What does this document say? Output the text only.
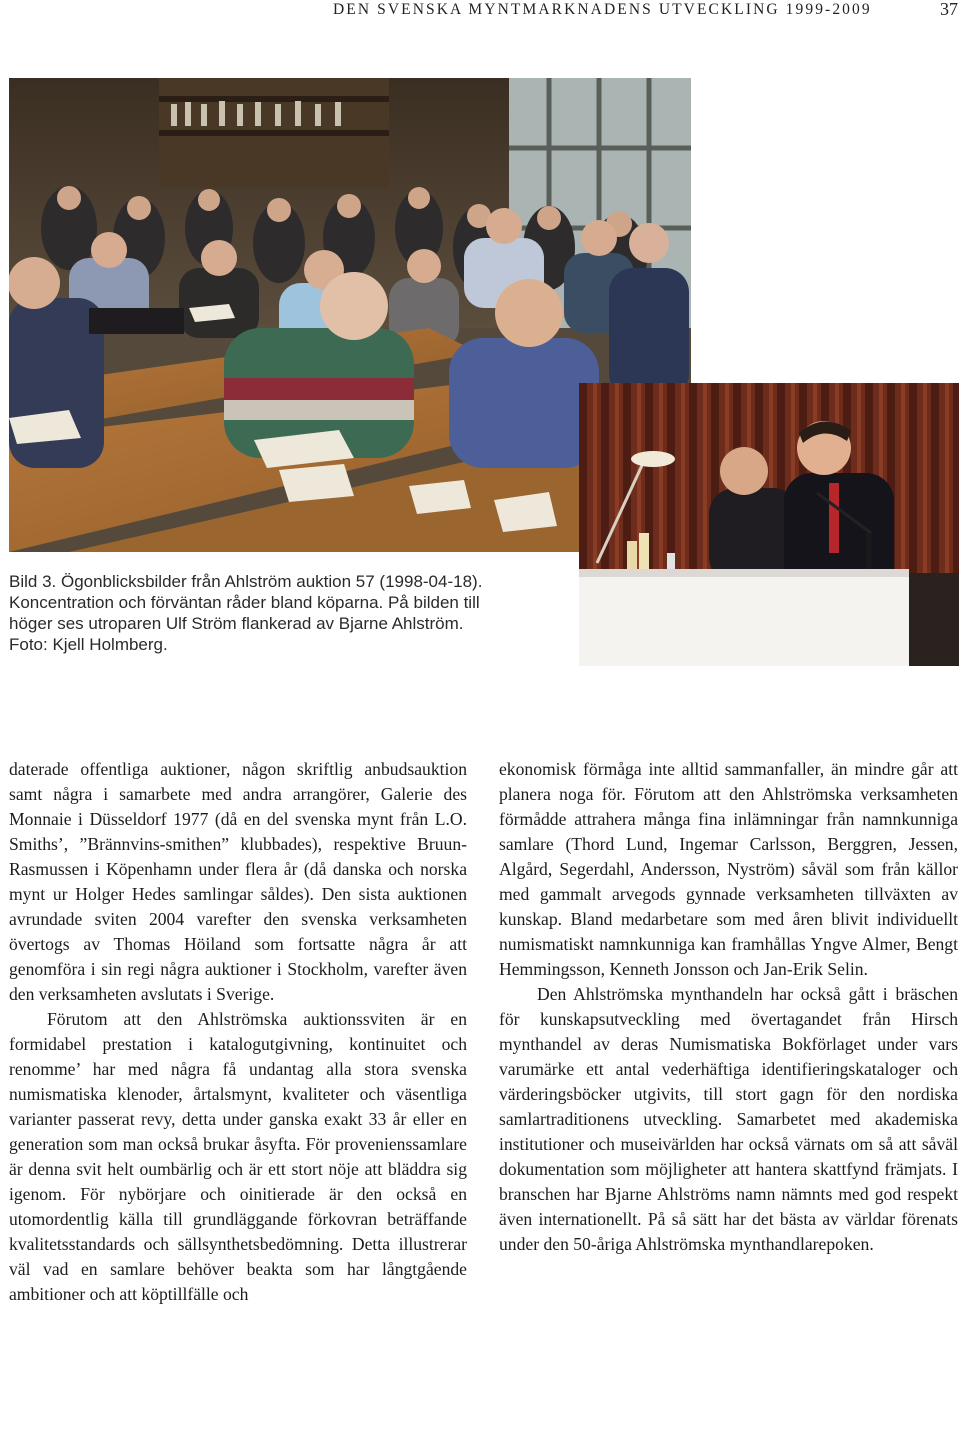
DEN SVENSKA MYNTMARKNADENS UTVECKLING 1999-2009	37

Bild 3. Ögonblicksbilder från Ahlström auktion 57 (1998-04-18).

Koncentration och förväntan råder bland köparna. På bilden till

höger ses utroparen Ulf Ström flankerad av Bjarne Ahlström.

Foto: Kjell Holmberg.

daterade offentliga auktioner, någon skriftlig anbudsauktion samt några i samarbete med andra arrangörer, Galerie des Monnaie i Düsseldorf 1977 (då en del svenska mynt från L.O. Smiths’, ”Brännvins-smithen” klubbades), respektive Bruun-Rasmussen i Köpenhamn under flera år (då danska och norska mynt ur Holger Hedes samlingar såldes). Den sista auktionen avrundade sviten 2004 varefter den svenska verksamheten övertogs av Thomas Höiland som fortsatte några år att genomföra i sin regi några auktioner i Stockholm, varefter även den verksamheten avslutats i Sverige.

Förutom att den Ahlströmska auktionssviten är en formidabel prestation i katalogutgivning, kontinuitet och renomme’ har med några få undantag alla stora svenska numismatiska klenoder, årtalsmynt, kvaliteter och väsentliga varianter passerat revy, detta under ganska exakt 33 år eller en generation som man också brukar åsyfta. För provenienssamlare är denna svit helt oumbärlig och är ett stort nöje att bläddra sig igenom. För nybörjare och oinitierade är den också en utomordentlig källa till grundläggande förkovran beträffande kvalitetsstandards och sällsynthetsbedömning. Detta illustrerar väl vad en samlare behöver beakta som har långtgående ambitioner och att köptillfälle och

ekonomisk förmåga inte alltid sammanfaller, än mindre går att planera noga för. Förutom att den Ahlströmska verksamheten förmådde attrahera många fina inlämningar från namnkunniga samlare (Thord Lund, Ingemar Carlsson, Berggren, Jessen, Algård, Segerdahl, Andersson, Nyström) såväl som från källor med gammalt arvegods gynnade verksamheten tillväxten av kunskap. Bland medarbetare som med åren blivit individuellt numismatiskt namnkunniga kan framhållas Yngve Almer, Bengt Hemmingsson, Kenneth Jonsson och Jan-Erik Selin.

Den Ahlströmska mynthandeln har också gått i bräschen för kunskapsutveckling med övertagandet från Hirsch mynthandel av deras Numismatiska Bokförlaget under vars varumärke ett antal vederhäftiga identifieringskataloger och värderingsböcker utgivits, till stort gagn för den nordiska samlartraditionens utveckling. Samarbetet med akademiska institutioner och museivärlden har också värnats om så att såväl dokumentation som möjligheter att hantera skattfynd främjats. I branschen har Bjarne Ahlströms namn nämnts med god respekt även internationellt. På så sätt har det bästa av världar förenats under den 50-åriga Ahlströmska mynthandlarepoken.
